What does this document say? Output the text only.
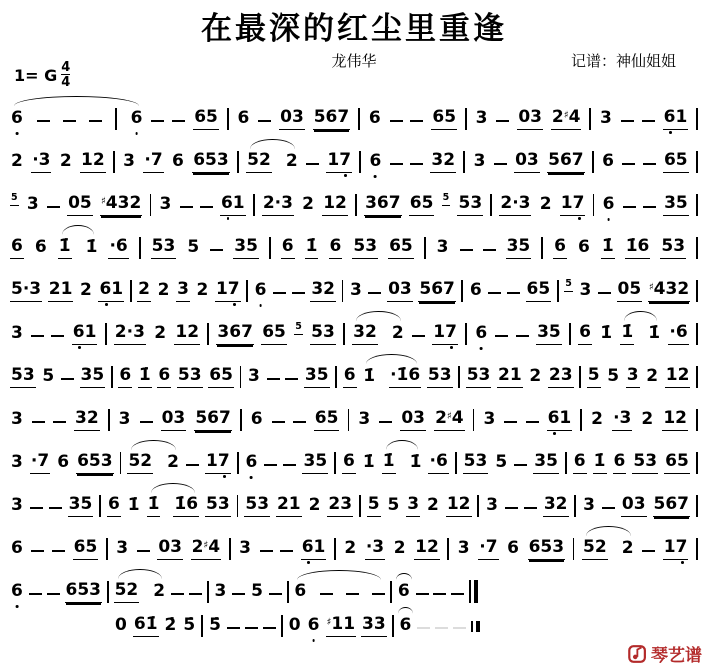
在最深的红尘里重逢
龙伟华	记谱：神仙姐姐
1= G $\frac{4}{4}$
6	6	65 6 03 567 6	65 3 03 2♯4 3	61
2 ·3 2 12 3 ·7 6 653 52 2 17 6	32 3 03 567 6	65
5 3 05 ♯432 3	61 2·3 2 12 367 65 5 53 2·3 2 17 6	35
6 6 1̇ 1̇ ·6 53 5 35 6 1̇ 6 53 65 3	35 6 6 1̇ 1̇6 53
5·3 21 2 61 2 2 3 2 17 6	32 3 03 567 6	65 5 3 05 ♯432
3	61 2·3 2 12 367 65 5 53 32 2 17 6	35 6 1̇ 1̇ 1̇ ·6
53 5 35 6 1̇ 6 53 65 3	35 6 1̇ ·1̇6 53 53 21 2 23 5 5 3 2 12
3	32 3 03 567 6	65 3 03 2♯4 3	61 2 ·3 2 12
3 ·7 6 653 52 2 17 6	35 6 1̇ 1̇ 1̇ ·6 53 5 35 6 1̇ 6 53 65
3	35 6 1̇ 1̇ 1̇6 53 53 21 2 23 5 5 3 2 12 3	32 3 03 567
6	65 3 03 2♯4 3	61 2 ·3 2 12 3 ·7 6 653 52 2 17
6	653 52 2	3 5 6	6
0 61̇ 2̇ 5̇ 5̇	0 6 ♯11 33 6
琴艺谱
